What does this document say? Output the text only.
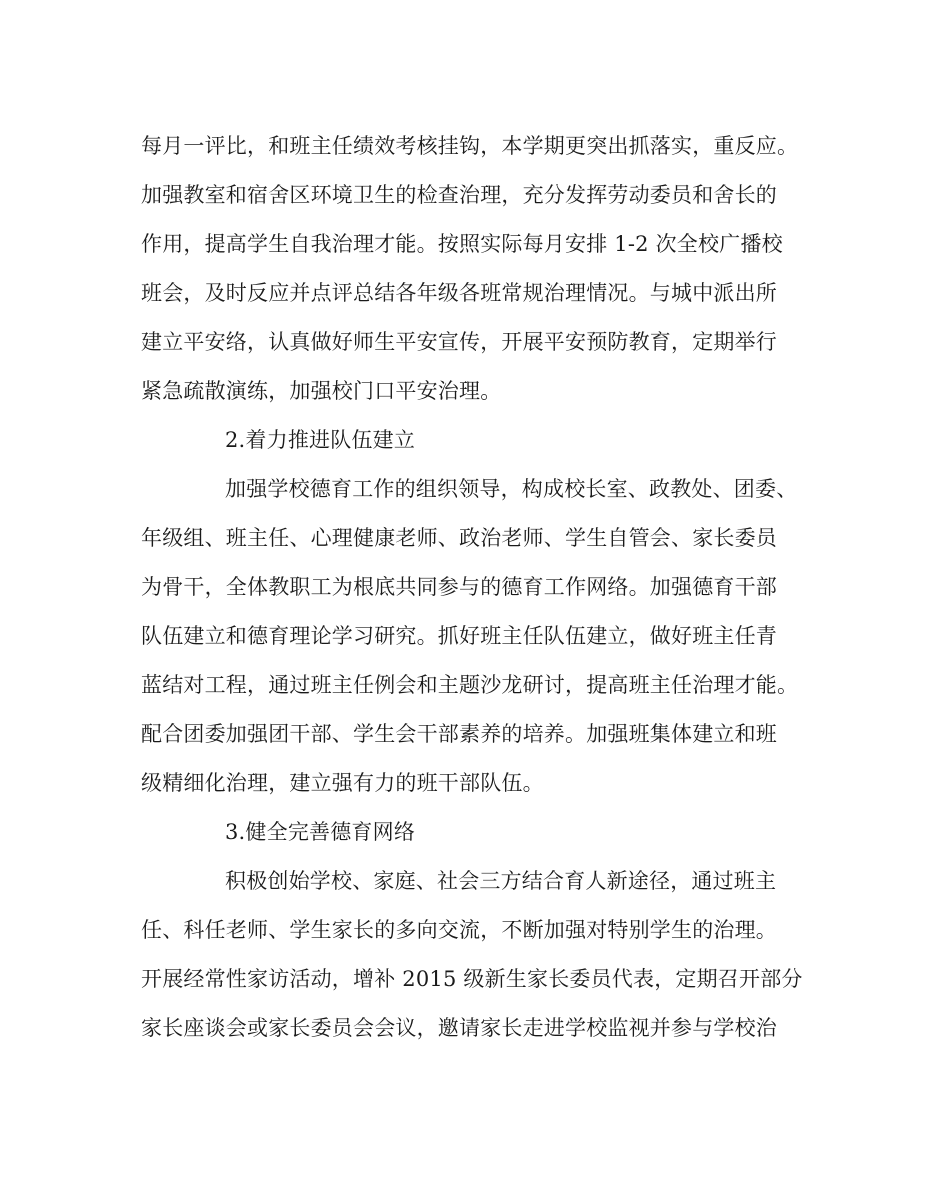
每月一评比，和班主任绩效考核挂钩，本学期更突出抓落实，重反应。
加强教室和宿舍区环境卫生的检查治理，充分发挥劳动委员和舍长的
作用，提高学生自我治理才能。按照实际每月安排 1-2 次全校广播校
班会，及时反应并点评总结各年级各班常规治理情况。与城中派出所
建立平安络，认真做好师生平安宣传，开展平安预防教育，定期举行
紧急疏散演练，加强校门口平安治理。
2.着力推进队伍建立
加强学校德育工作的组织领导，构成校长室、政教处、团委、
年级组、班主任、心理健康老师、政治老师、学生自管会、家长委员
为骨干，全体教职工为根底共同参与的德育工作网络。加强德育干部
队伍建立和德育理论学习研究。抓好班主任队伍建立，做好班主任青
蓝结对工程，通过班主任例会和主题沙龙研讨，提高班主任治理才能。
配合团委加强团干部、学生会干部素养的培养。加强班集体建立和班
级精细化治理，建立强有力的班干部队伍。
3.健全完善德育网络
积极创始学校、家庭、社会三方结合育人新途径，通过班主
任、科任老师、学生家长的多向交流，不断加强对特别学生的治理。
开展经常性家访活动，增补 2015 级新生家长委员代表，定期召开部分
家长座谈会或家长委员会会议，邀请家长走进学校监视并参与学校治
